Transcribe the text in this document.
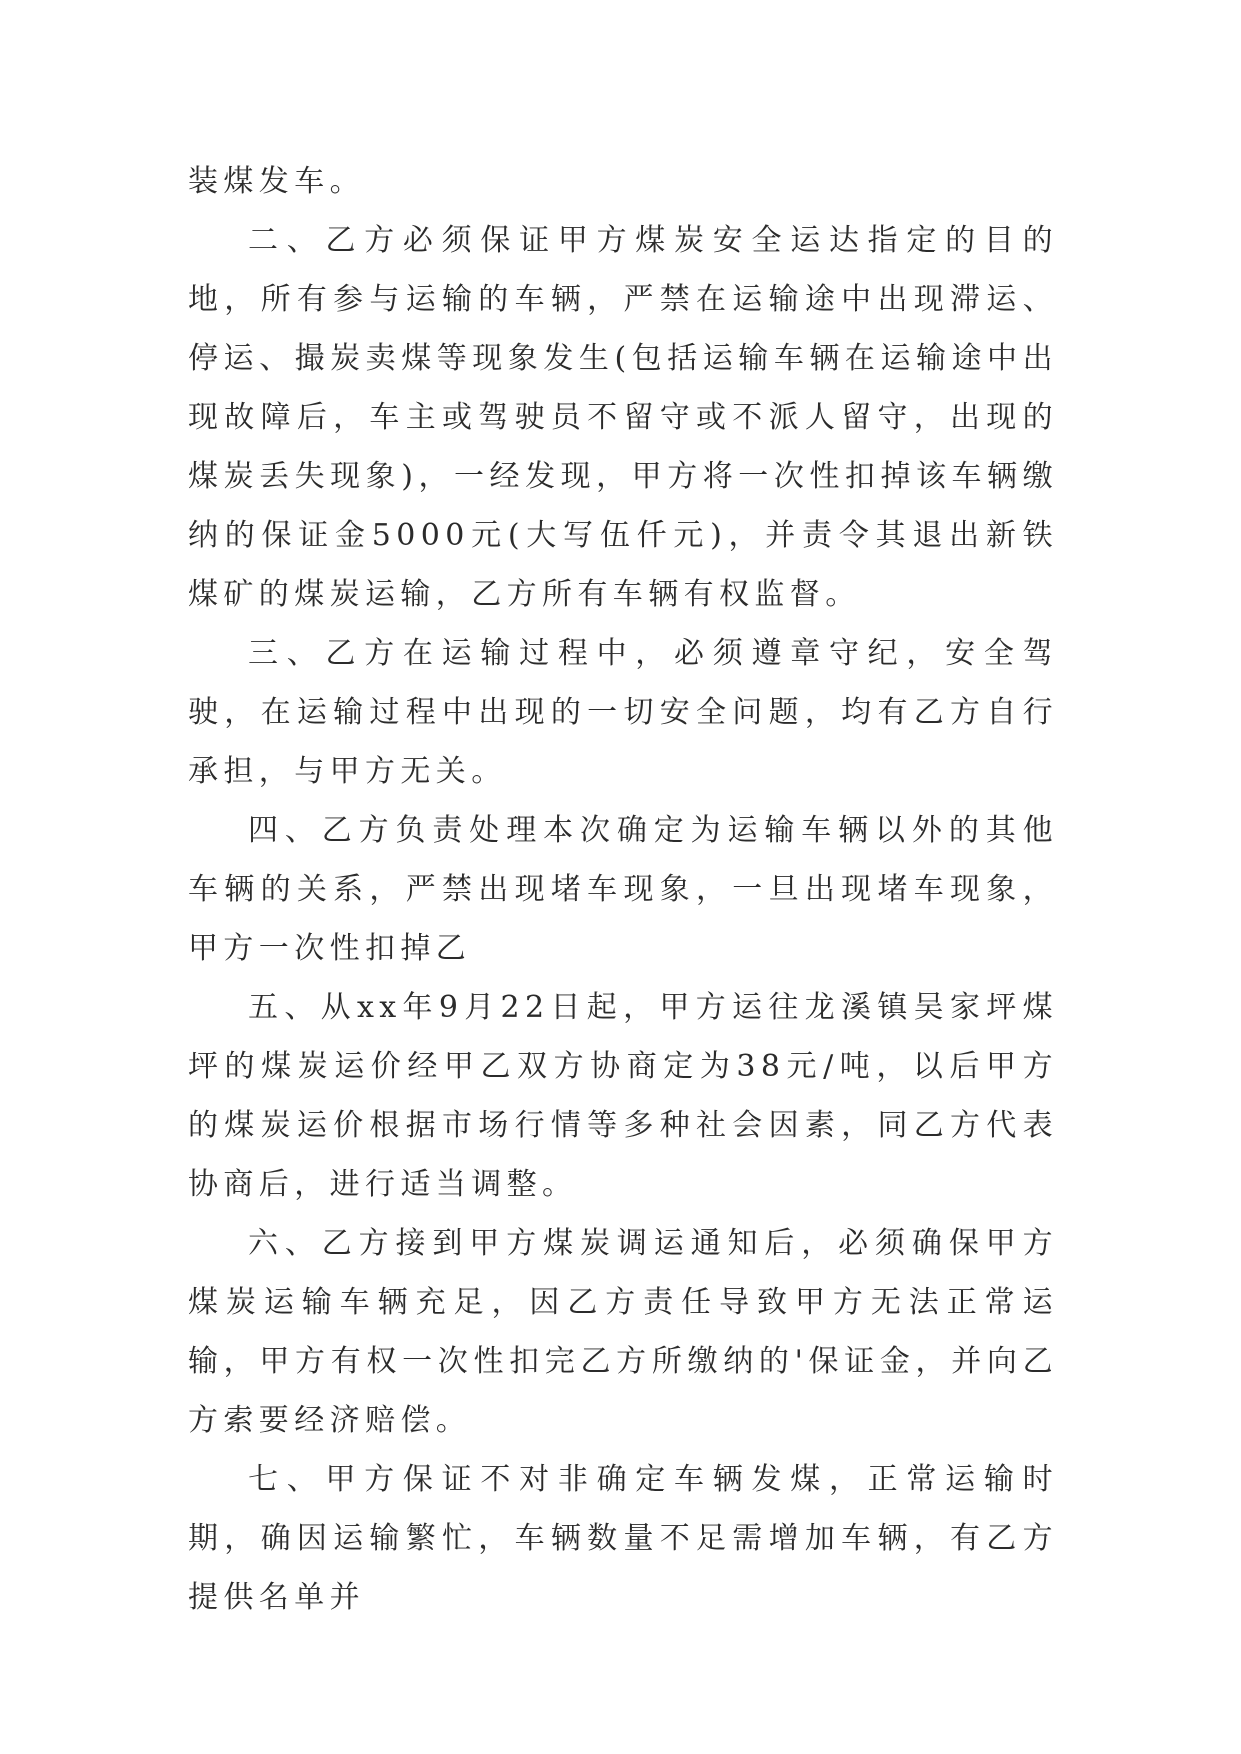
装煤发车。

二、乙方必须保证甲方煤炭安全运达指定的目的地，所有参与运输的车辆，严禁在运输途中出现滞运、停运、撮炭卖煤等现象发生(包括运输车辆在运输途中出现故障后，车主或驾驶员不留守或不派人留守，出现的煤炭丢失现象)，一经发现，甲方将一次性扣掉该车辆缴纳的保证金5000元(大写伍仟元)，并责令其退出新铁煤矿的煤炭运输，乙方所有车辆有权监督。

三、乙方在运输过程中，必须遵章守纪，安全驾驶，在运输过程中出现的一切安全问题，均有乙方自行承担，与甲方无关。

四、乙方负责处理本次确定为运输车辆以外的其他车辆的关系，严禁出现堵车现象，一旦出现堵车现象，甲方一次性扣掉乙

五、从xx年9月22日起，甲方运往龙溪镇吴家坪煤坪的煤炭运价经甲乙双方协商定为38元/吨，以后甲方的煤炭运价根据市场行情等多种社会因素，同乙方代表协商后，进行适当调整。

六、乙方接到甲方煤炭调运通知后，必须确保甲方煤炭运输车辆充足，因乙方责任导致甲方无法正常运输，甲方有权一次性扣完乙方所缴纳的'保证金，并向乙方索要经济赔偿。

七、甲方保证不对非确定车辆发煤，正常运输时期，确因运输繁忙，车辆数量不足需增加车辆，有乙方提供名单并
